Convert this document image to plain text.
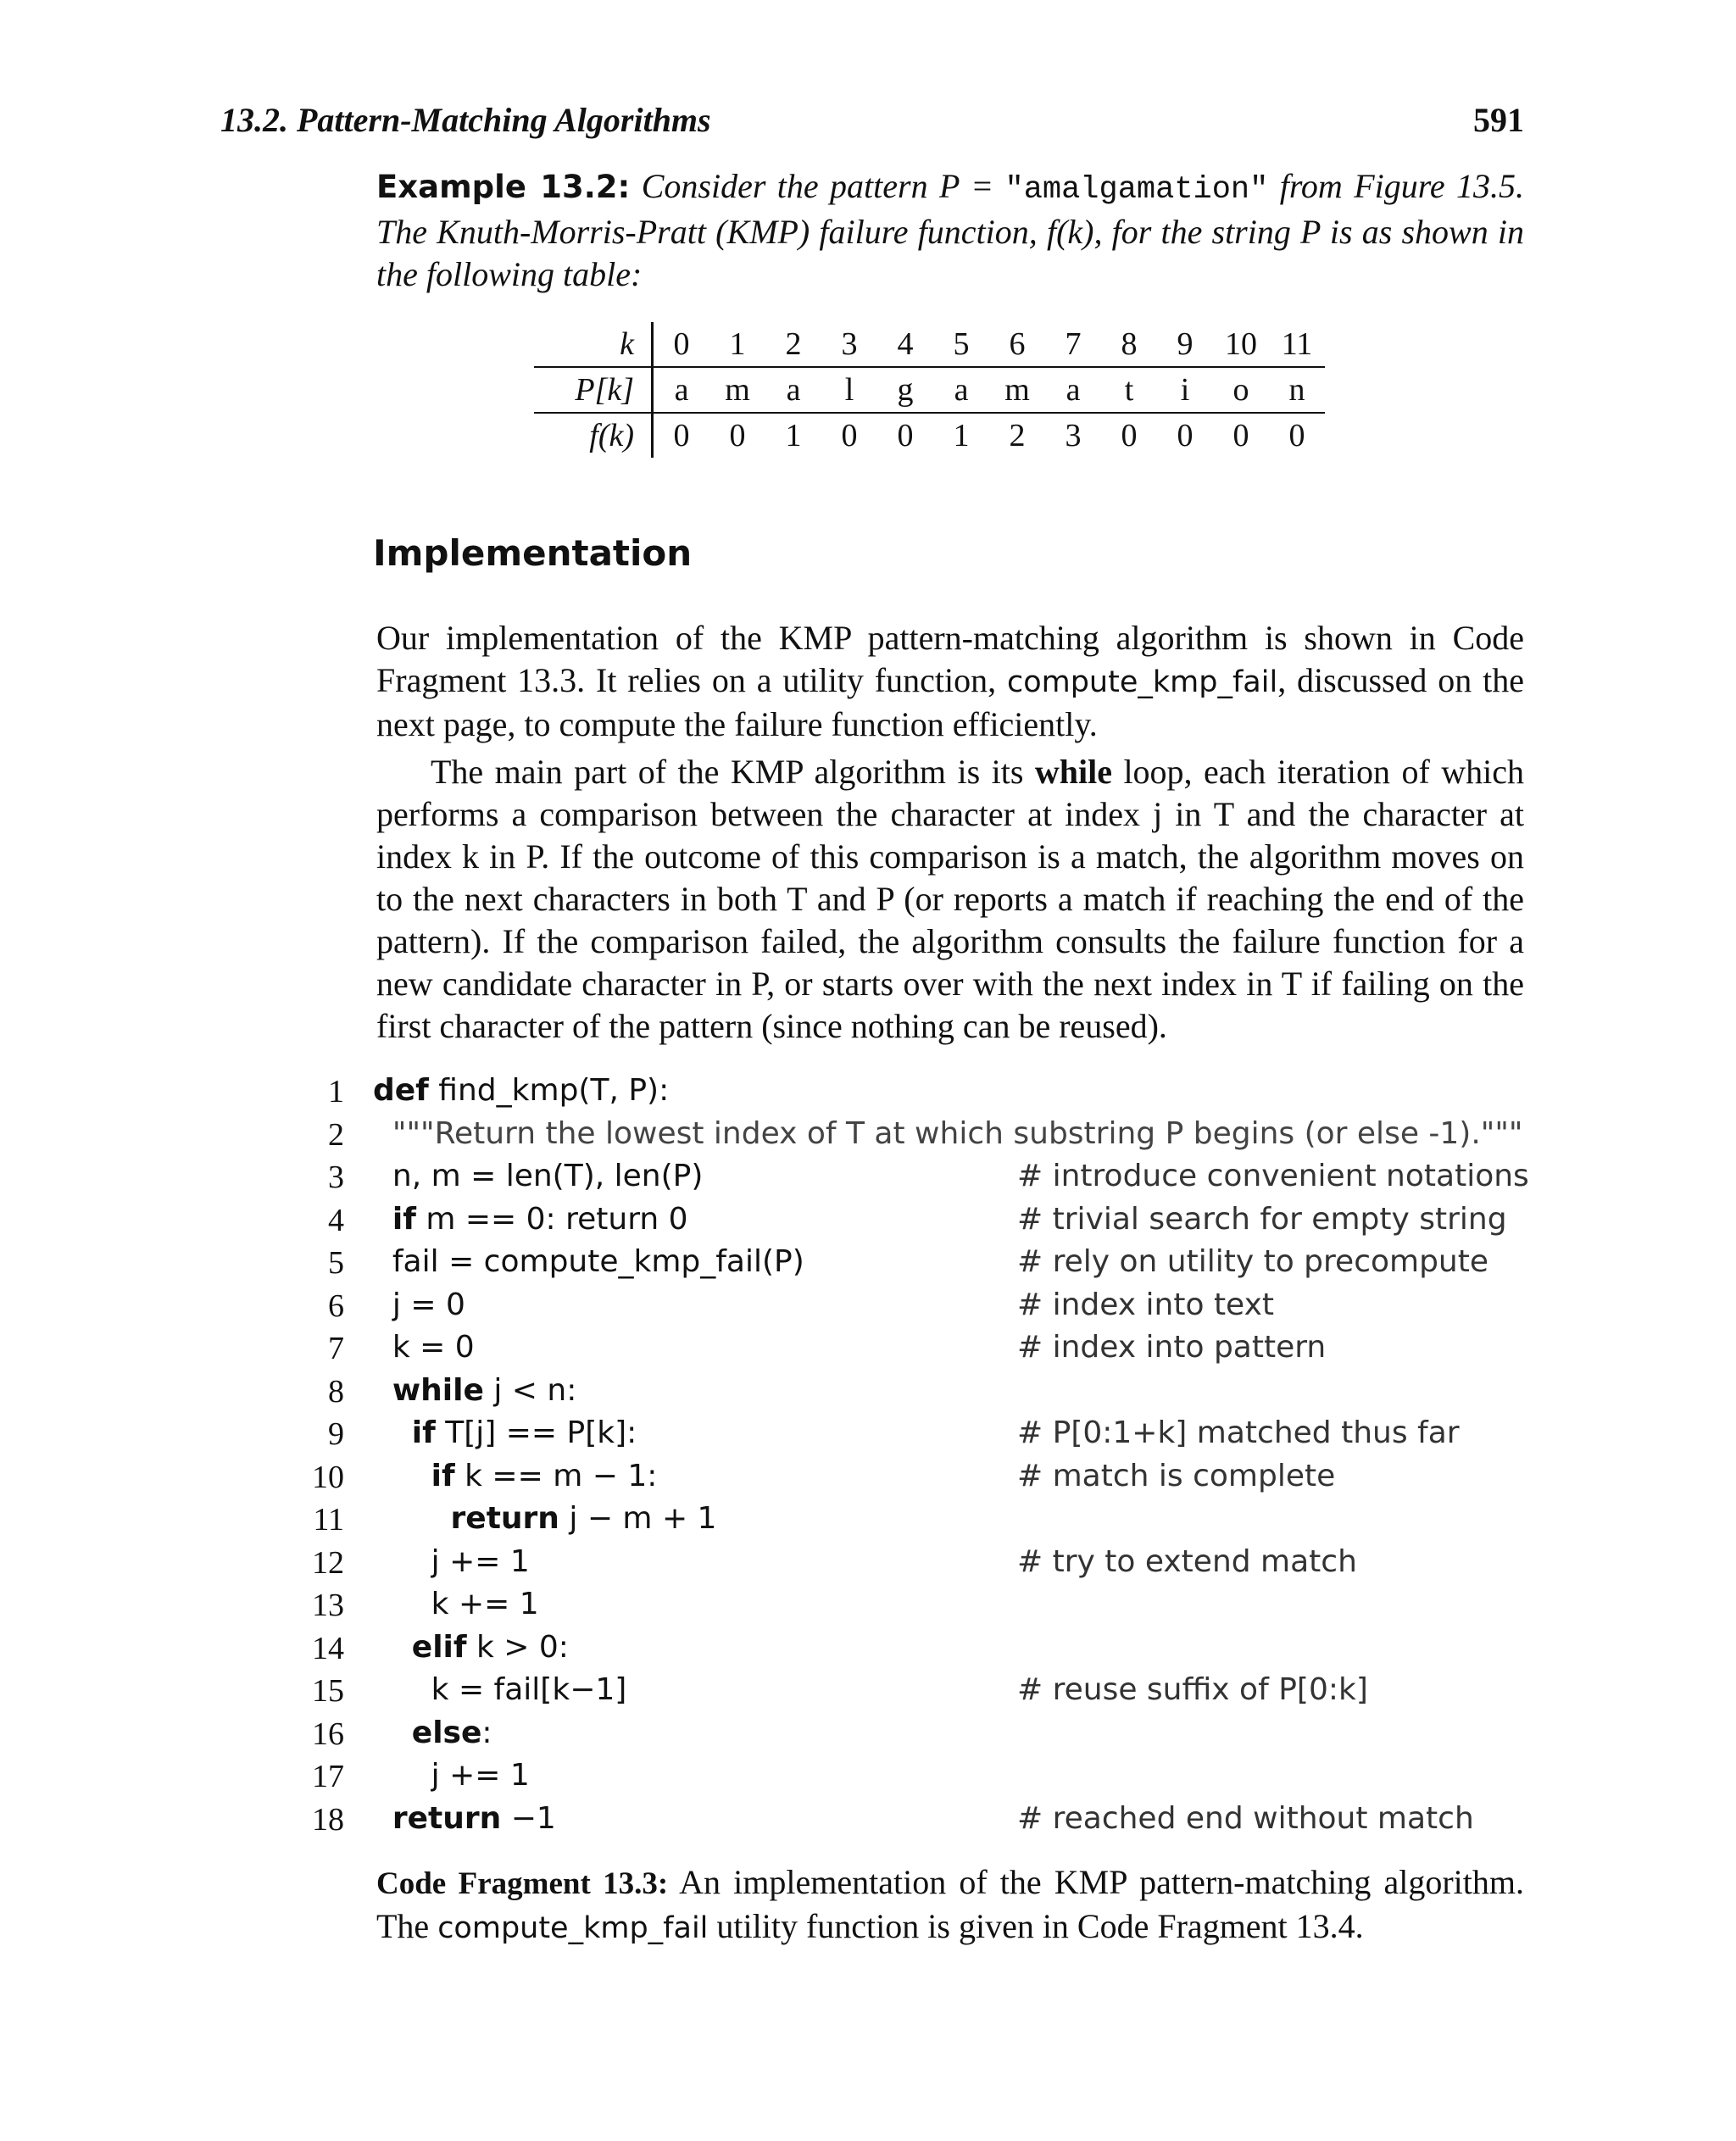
13.2. Pattern-Matching Algorithms	591
Example 13.2: Consider the pattern P = "amalgamation" from Figure 13.5. The Knuth-Morris-Pratt (KMP) failure function, f(k), for the string P is as shown in the following table:
k	0	1	2	3	4	5	6	7	8	9	10	11
P[k]	a	m	a	l	g	a	m	a	t	i	o	n
f(k)	0	0	1	0	0	1	2	3	0	0	0	0
Implementation
Our implementation of the KMP pattern-matching algorithm is shown in Code Fragment 13.3. It relies on a utility function, compute_kmp_fail, discussed on the next page, to compute the failure function efficiently.
The main part of the KMP algorithm is its while loop, each iteration of which performs a comparison between the character at index j in T and the character at index k in P. If the outcome of this comparison is a match, the algorithm moves on to the next characters in both T and P (or reports a match if reaching the end of the pattern). If the comparison failed, the algorithm consults the failure function for a new candidate character in P, or starts over with the next index in T if failing on the first character of the pattern (since nothing can be reused).
1 def find_kmp(T, P):
2 """Return the lowest index of T at which substring P begins (or else -1)."""
3 n, m = len(T), len(P)	# introduce convenient notations
4	if m == 0: return 0	# trivial search for empty string
5 fail = compute_kmp_fail(P)	# rely on utility to precompute
6 j = 0	# index into text
7 k = 0	# index into pattern
8	while j < n:
9	if T[j] == P[k]:	# P[0:1+k] matched thus far
10	if k == m − 1:	# match is complete
11	return j − m + 1
12 j += 1	# try to extend match
13 k += 1
14	elif k > 0:
15 k = fail[k−1]	# reuse suffix of P[0:k]
16	else:
17 j += 1
18	return −1	# reached end without match
Code Fragment 13.3: An implementation of the KMP pattern-matching algorithm. The compute_kmp_fail utility function is given in Code Fragment 13.4.
